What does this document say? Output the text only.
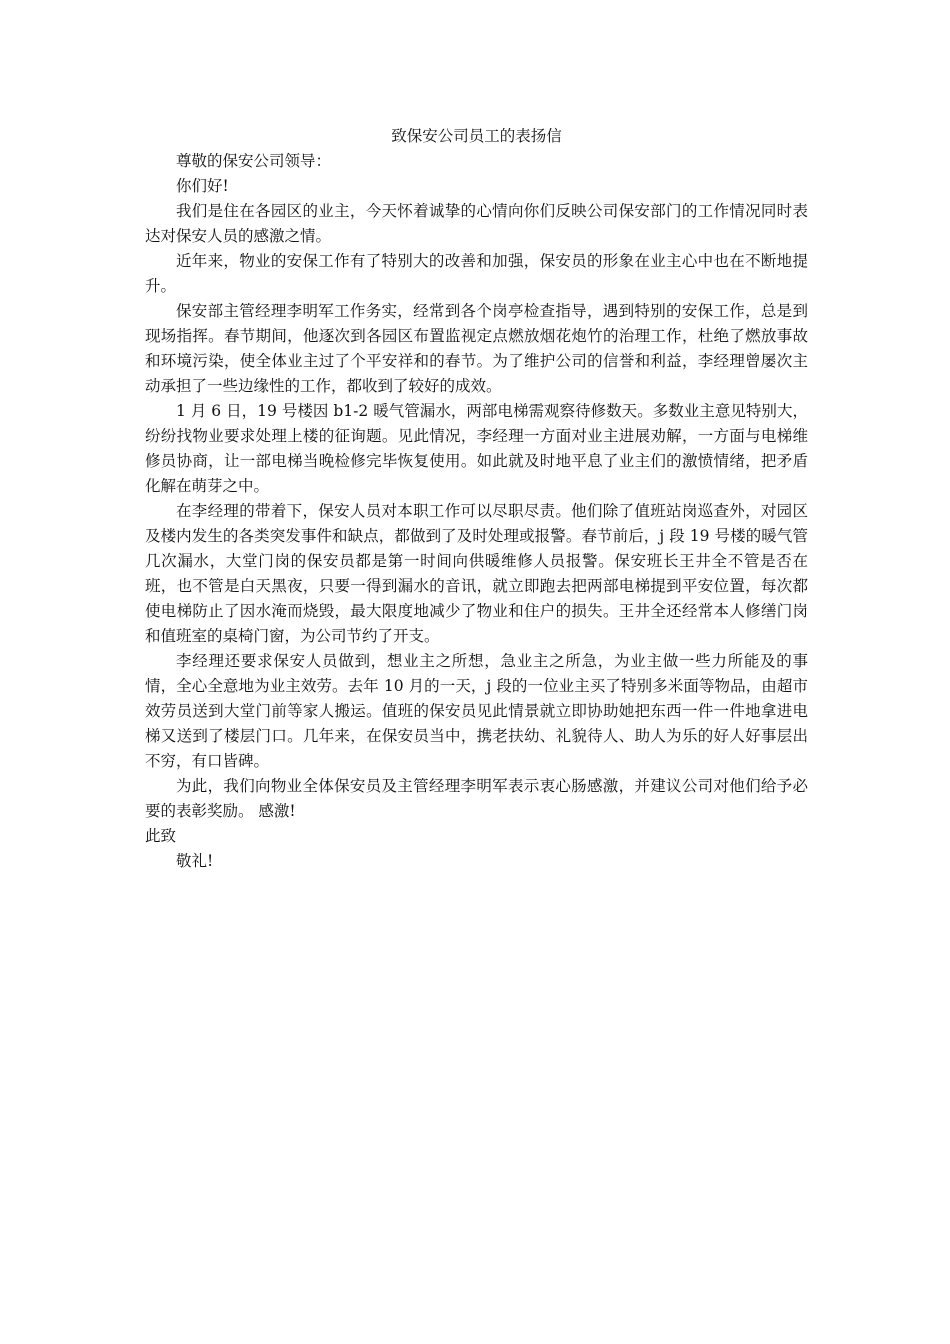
致保安公司员工的表扬信

尊敬的保安公司领导：

你们好!

我们是住在各园区的业主，今天怀着诚挚的心情向你们反映公司保安部门的工作情况同时表达对保安人员的感激之情。

近年来，物业的安保工作有了特别大的改善和加强，保安员的形象在业主心中也在不断地提升。

保安部主管经理李明军工作务实，经常到各个岗亭检查指导，遇到特别的安保工作，总是到现场指挥。春节期间，他逐次到各园区布置监视定点燃放烟花炮竹的治理工作，杜绝了燃放事故和环境污染，使全体业主过了个平安祥和的春节。为了维护公司的信誉和利益，李经理曾屡次主动承担了一些边缘性的工作，都收到了较好的成效。

1 月 6 日，19 号楼因 b1-2 暖气管漏水，两部电梯需观察待修数天。多数业主意见特别大，纷纷找物业要求处理上楼的征询题。见此情况，李经理一方面对业主进展劝解，一方面与电梯维修员协商，让一部电梯当晚检修完毕恢复使用。如此就及时地平息了业主们的激愤情绪，把矛盾化解在萌芽之中。

在李经理的带着下，保安人员对本职工作可以尽职尽责。他们除了值班站岗巡查外，对园区及楼内发生的各类突发事件和缺点，都做到了及时处理或报警。春节前后，j 段 19 号楼的暖气管几次漏水，大堂门岗的保安员都是第一时间向供暖维修人员报警。保安班长王井全不管是否在班，也不管是白天黑夜，只要一得到漏水的音讯，就立即跑去把两部电梯提到平安位置，每次都使电梯防止了因水淹而烧毁，最大限度地减少了物业和住户的损失。王井全还经常本人修缮门岗和值班室的桌椅门窗，为公司节约了开支。

李经理还要求保安人员做到，想业主之所想，急业主之所急，为业主做一些力所能及的事情，全心全意地为业主效劳。去年 10 月的一天，j 段的一位业主买了特别多米面等物品，由超市效劳员送到大堂门前等家人搬运。值班的保安员见此情景就立即协助她把东西一件一件地拿进电梯又送到了楼层门口。几年来，在保安员当中，携老扶幼、礼貌待人、助人为乐的好人好事层出不穷，有口皆碑。

为此，我们向物业全体保安员及主管经理李明军表示衷心肠感激，并建议公司对他们给予必要的表彰奖励。 感激!

此致

敬礼!
